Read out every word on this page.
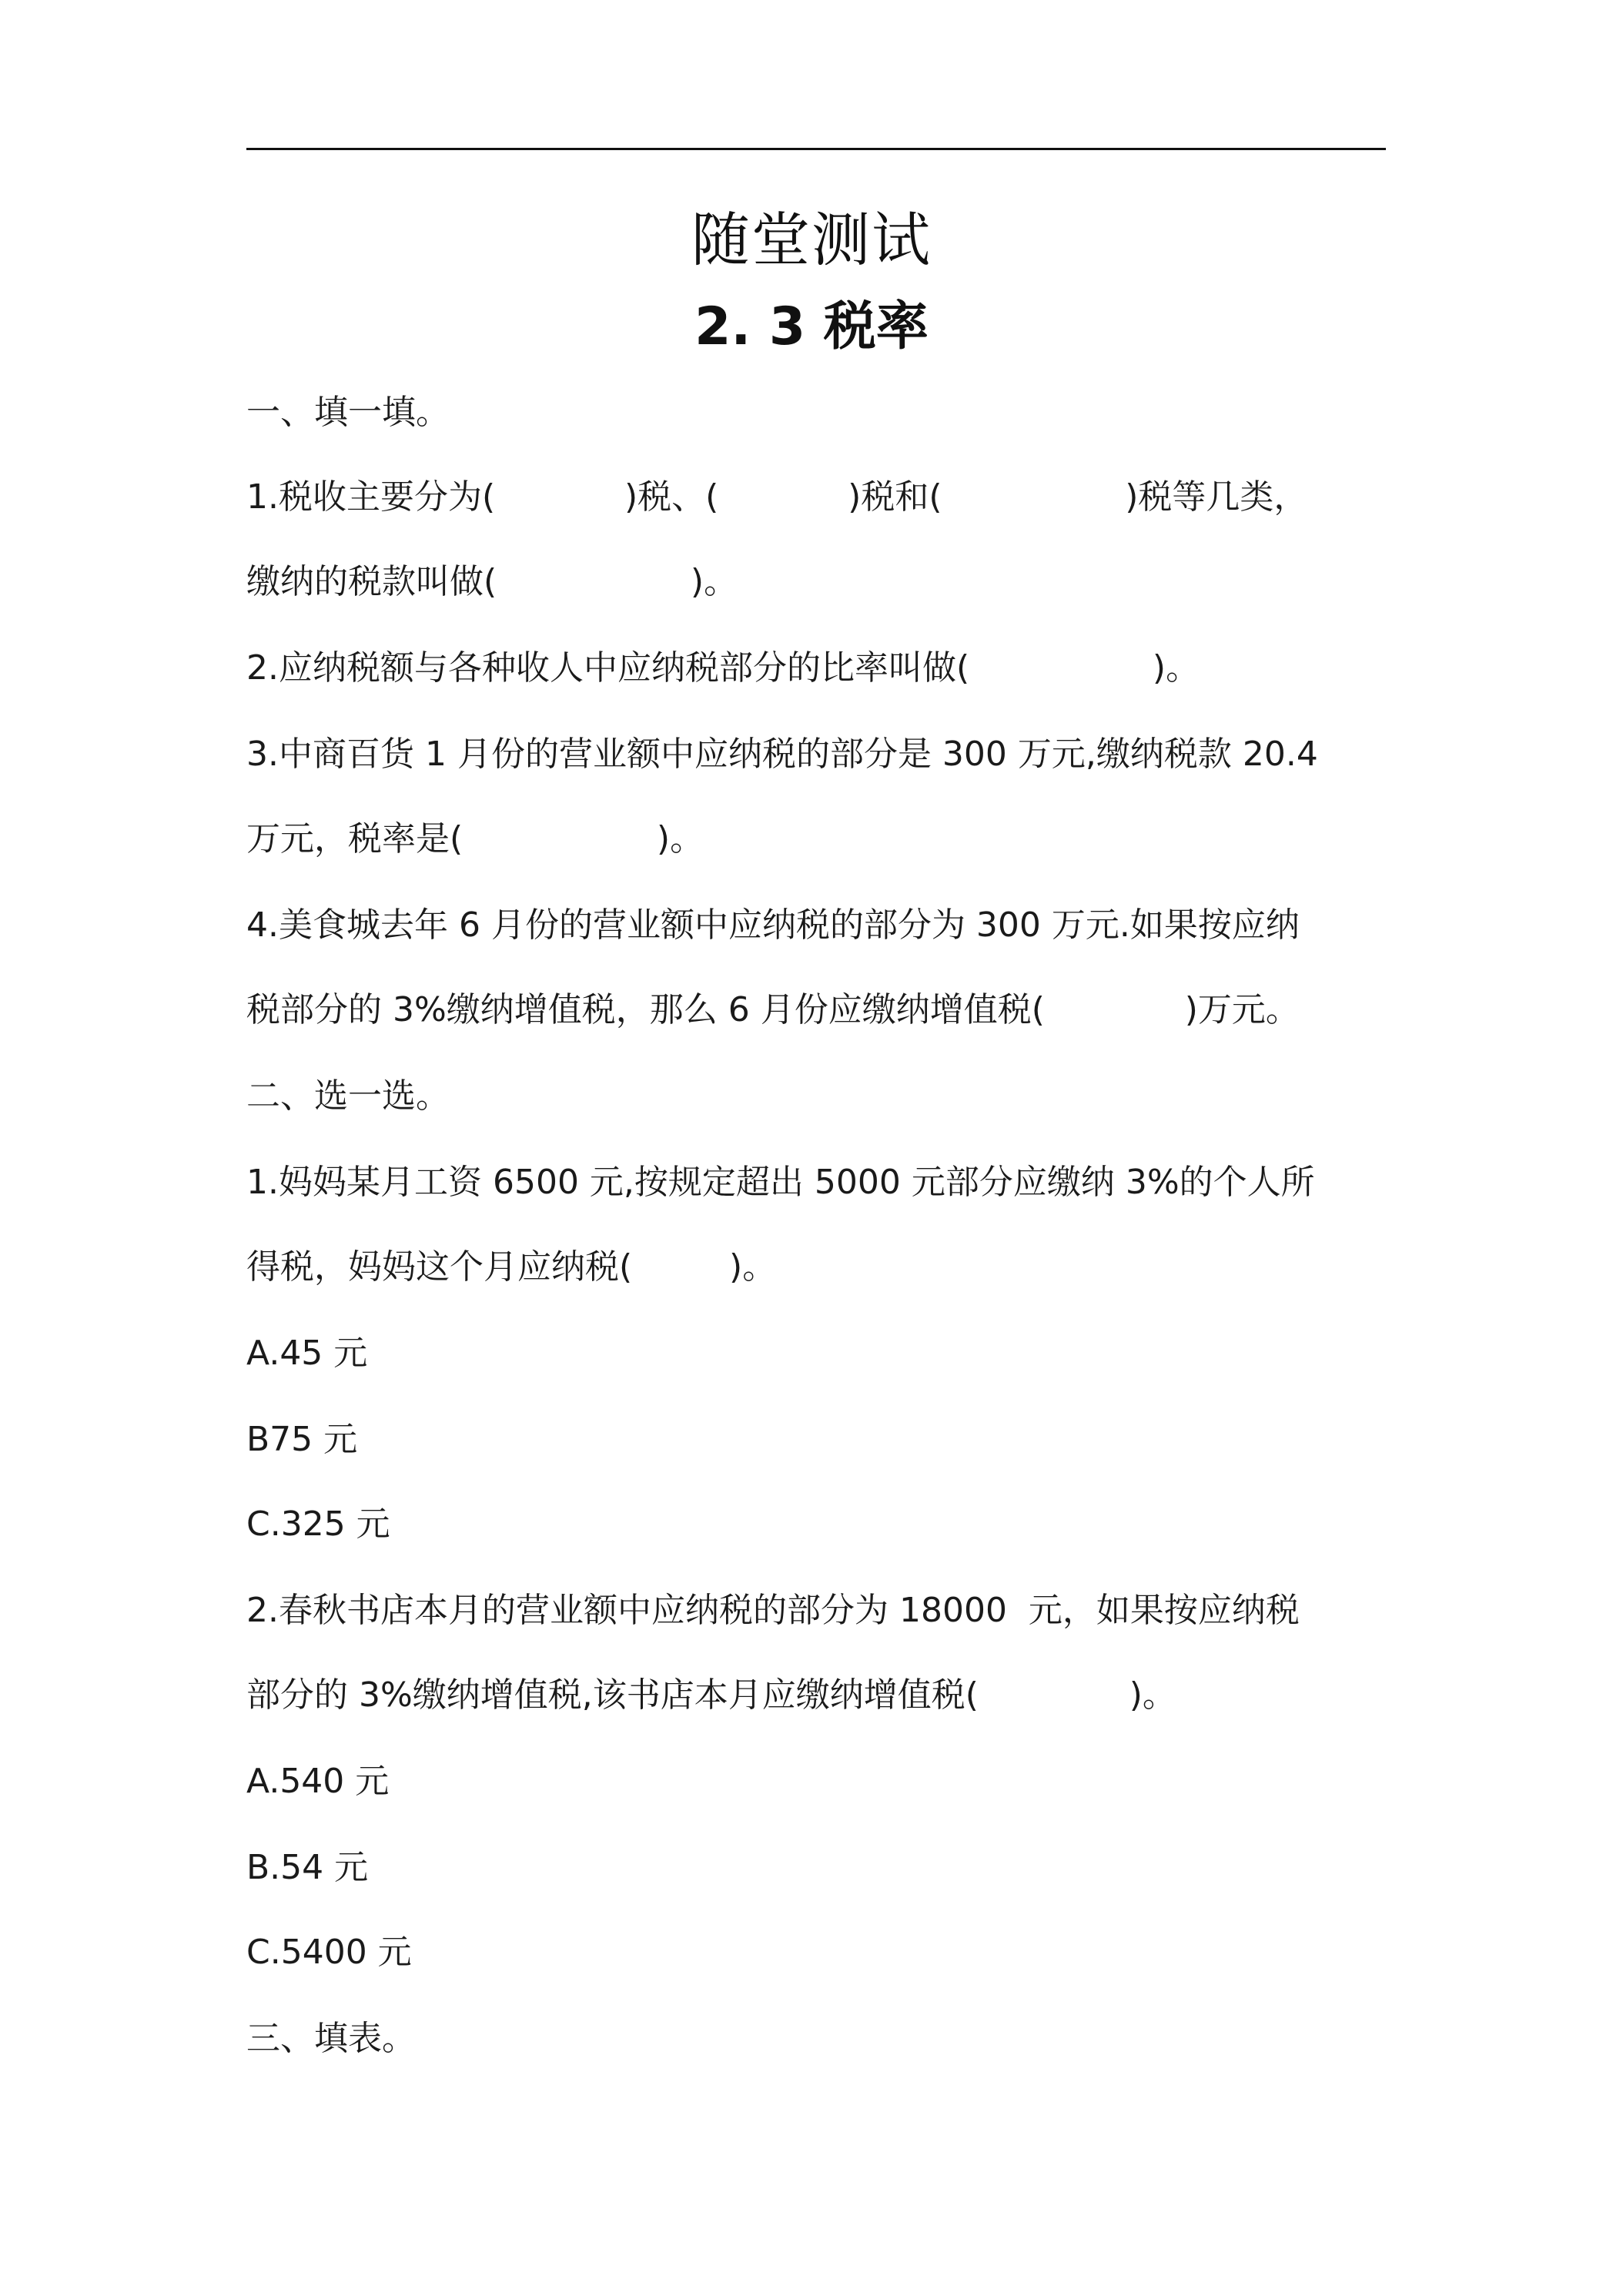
随堂测试
2. 3 税率

一、填一填。

1.税收主要分为(            )税、(            )税和(                 )税等几类，

缴纳的税款叫做(                  )。

2.应纳税额与各种收人中应纳税部分的比率叫做(                 )。

3.中商百货 1 月份的营业额中应纳税的部分是 300 万元,缴纳税款 20.4

万元，税率是(                  )。

4.美食城去年 6 月份的营业额中应纳税的部分为 300 万元.如果按应纳

税部分的 3%缴纳增值税，那么 6 月份应缴纳增值税(             )万元。

二、选一选。

1.妈妈某月工资 6500 元,按规定超出 5000 元部分应缴纳 3%的个人所

得税，妈妈这个月应纳税(         )。

A.45 元

B75 元

C.325 元

2.春秋书店本月的营业额中应纳税的部分为 18000  元，如果按应纳税

部分的 3%缴纳增值税,该书店本月应缴纳增值税(              )。

A.540 元

B.54 元

C.5400 元

三、填表。
